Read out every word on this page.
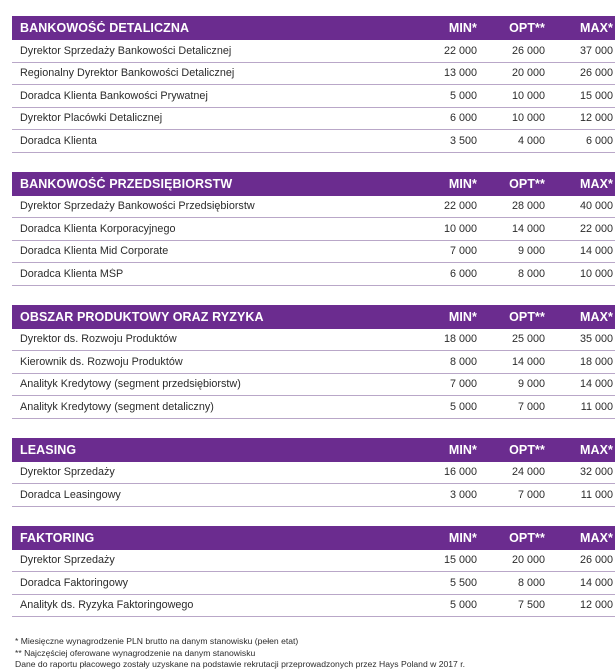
BANKOWOŚĆ DETALICZNA	MIN*	OPT**	MAX*
Dyrektor Sprzedaży Bankowości Detalicznej	22 000	26 000	37 000
Regionalny Dyrektor Bankowości Detalicznej	13 000	20 000	26 000
Doradca Klienta Bankowości Prywatnej	5 000	10 000	15 000
Dyrektor Placówki Detalicznej	6 000	10 000	12 000
Doradca Klienta	3 500	4 000	6 000
BANKOWOŚĆ PRZEDSIĘBIORSTW	MIN*	OPT**	MAX*
Dyrektor Sprzedaży Bankowości Przedsiębiorstw	22 000	28 000	40 000
Doradca Klienta Korporacyjnego	10 000	14 000	22 000
Doradca Klienta Mid Corporate	7 000	9 000	14 000
Doradca Klienta MŚP	6 000	8 000	10 000
OBSZAR PRODUKTOWY ORAZ RYZYKA	MIN*	OPT**	MAX*
Dyrektor ds. Rozwoju Produktów	18 000	25 000	35 000
Kierownik ds. Rozwoju Produktów	8 000	14 000	18 000
Analityk Kredytowy (segment przedsiębiorstw)	7 000	9 000	14 000
Analityk Kredytowy (segment detaliczny)	5 000	7 000	11 000
LEASING	MIN*	OPT**	MAX*
Dyrektor Sprzedaży	16 000	24 000	32 000
Doradca Leasingowy	3 000	7 000	11 000
FAKTORING	MIN*	OPT**	MAX*
Dyrektor Sprzedaży	15 000	20 000	26 000
Doradca Faktoringowy	5 500	8 000	14 000
Analityk ds. Ryzyka Faktoringowego	5 000	7 500	12 000
* Miesięczne wynagrodzenie PLN brutto na danym stanowisku (pełen etat)
** Najczęściej oferowane wynagrodzenie na danym stanowisku
Dane do raportu płacowego zostały uzyskane na podstawie rekrutacji przeprowadzonych przez Hays Poland w 2017 r.
